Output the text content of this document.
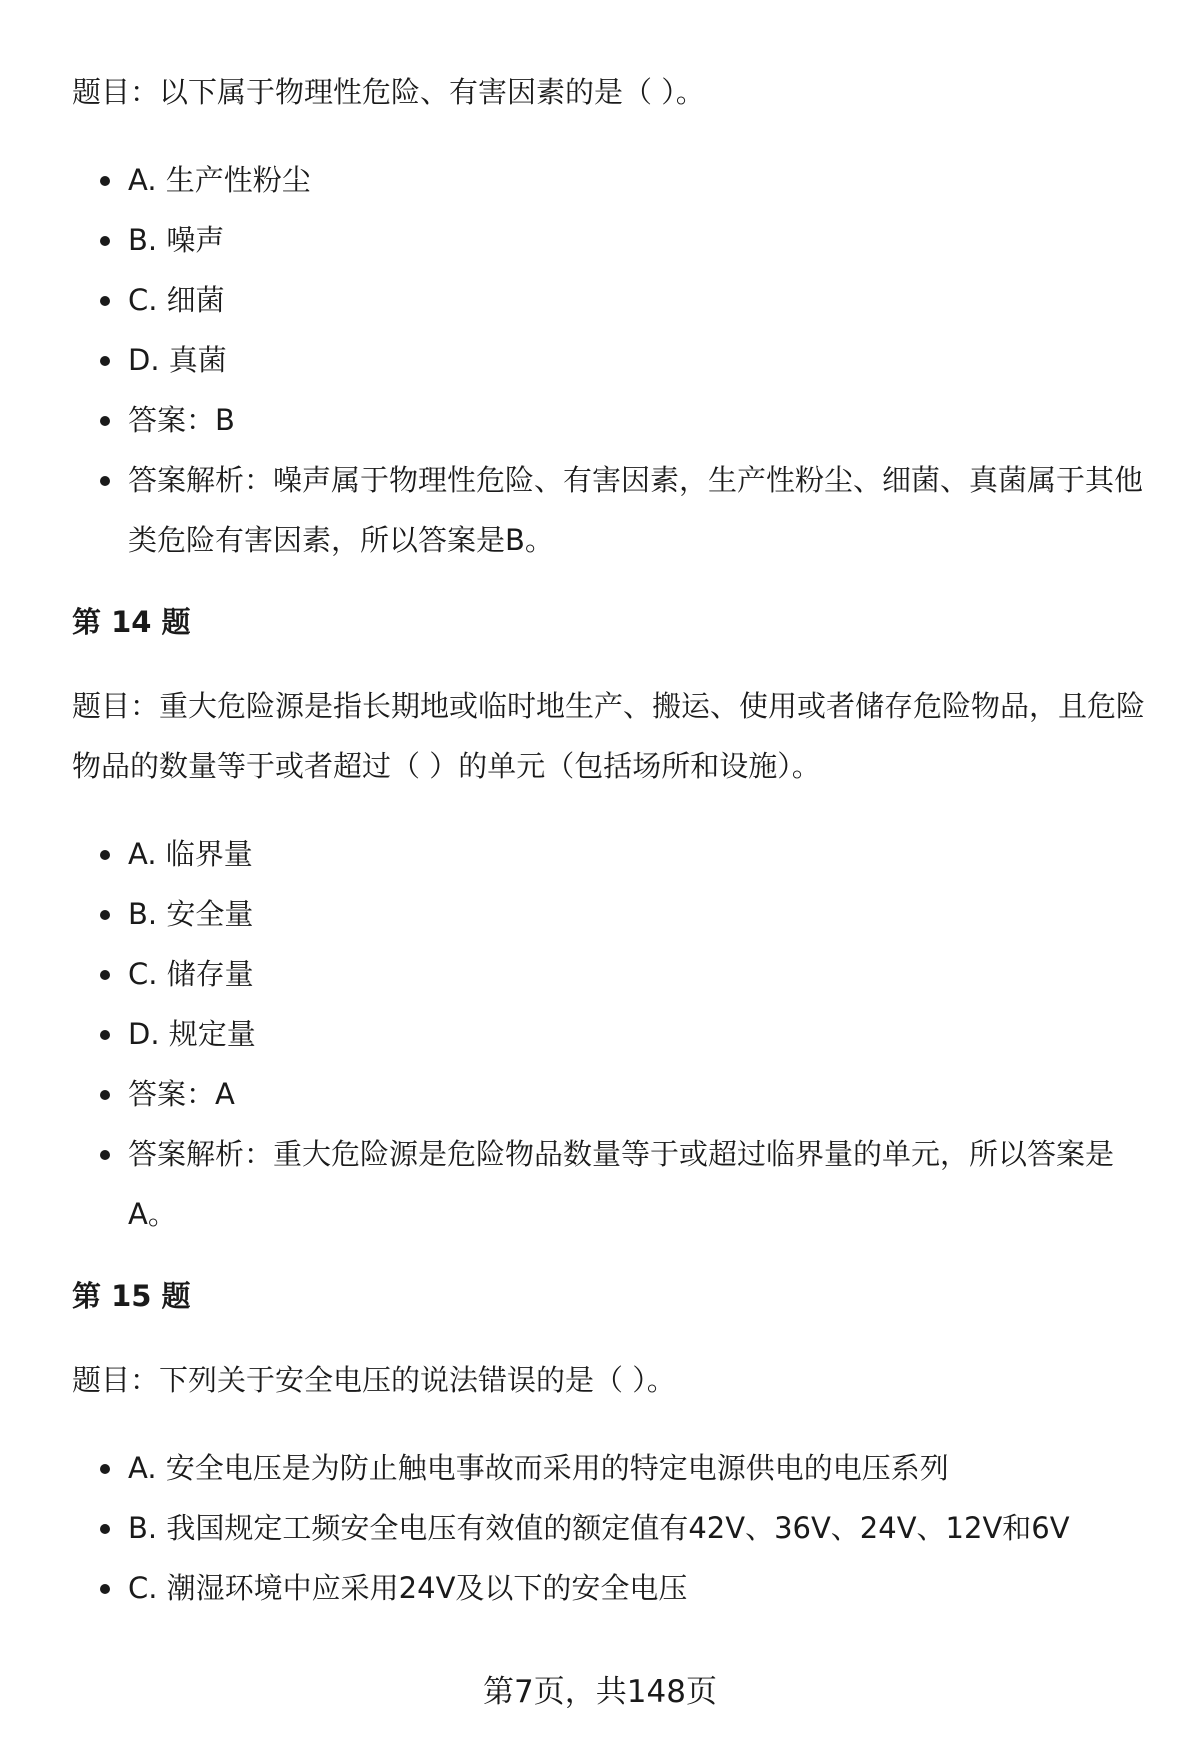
题目：以下属于物理性危险、有害因素的是（ ）。

A. 生产性粉尘
B. 噪声
C. 细菌
D. 真菌
答案：B
答案解析：噪声属于物理性危险、有害因素，生产性粉尘、细菌、真菌属于其他类危险有害因素，所以答案是B。
第 14 题

题目：重大危险源是指长期地或临时地生产、搬运、使用或者储存危险物品，且危险物品的数量等于或者超过（ ）的单元（包括场所和设施）。

A. 临界量
B. 安全量
C. 储存量
D. 规定量
答案：A
答案解析：重大危险源是危险物品数量等于或超过临界量的单元，所以答案是A。
第 15 题

题目：下列关于安全电压的说法错误的是（ ）。

A. 安全电压是为防止触电事故而采用的特定电源供电的电压系列
B. 我国规定工频安全电压有效值的额定值有42V、36V、24V、12V和6V
C. 潮湿环境中应采用24V及以下的安全电压
第7页，共148页
